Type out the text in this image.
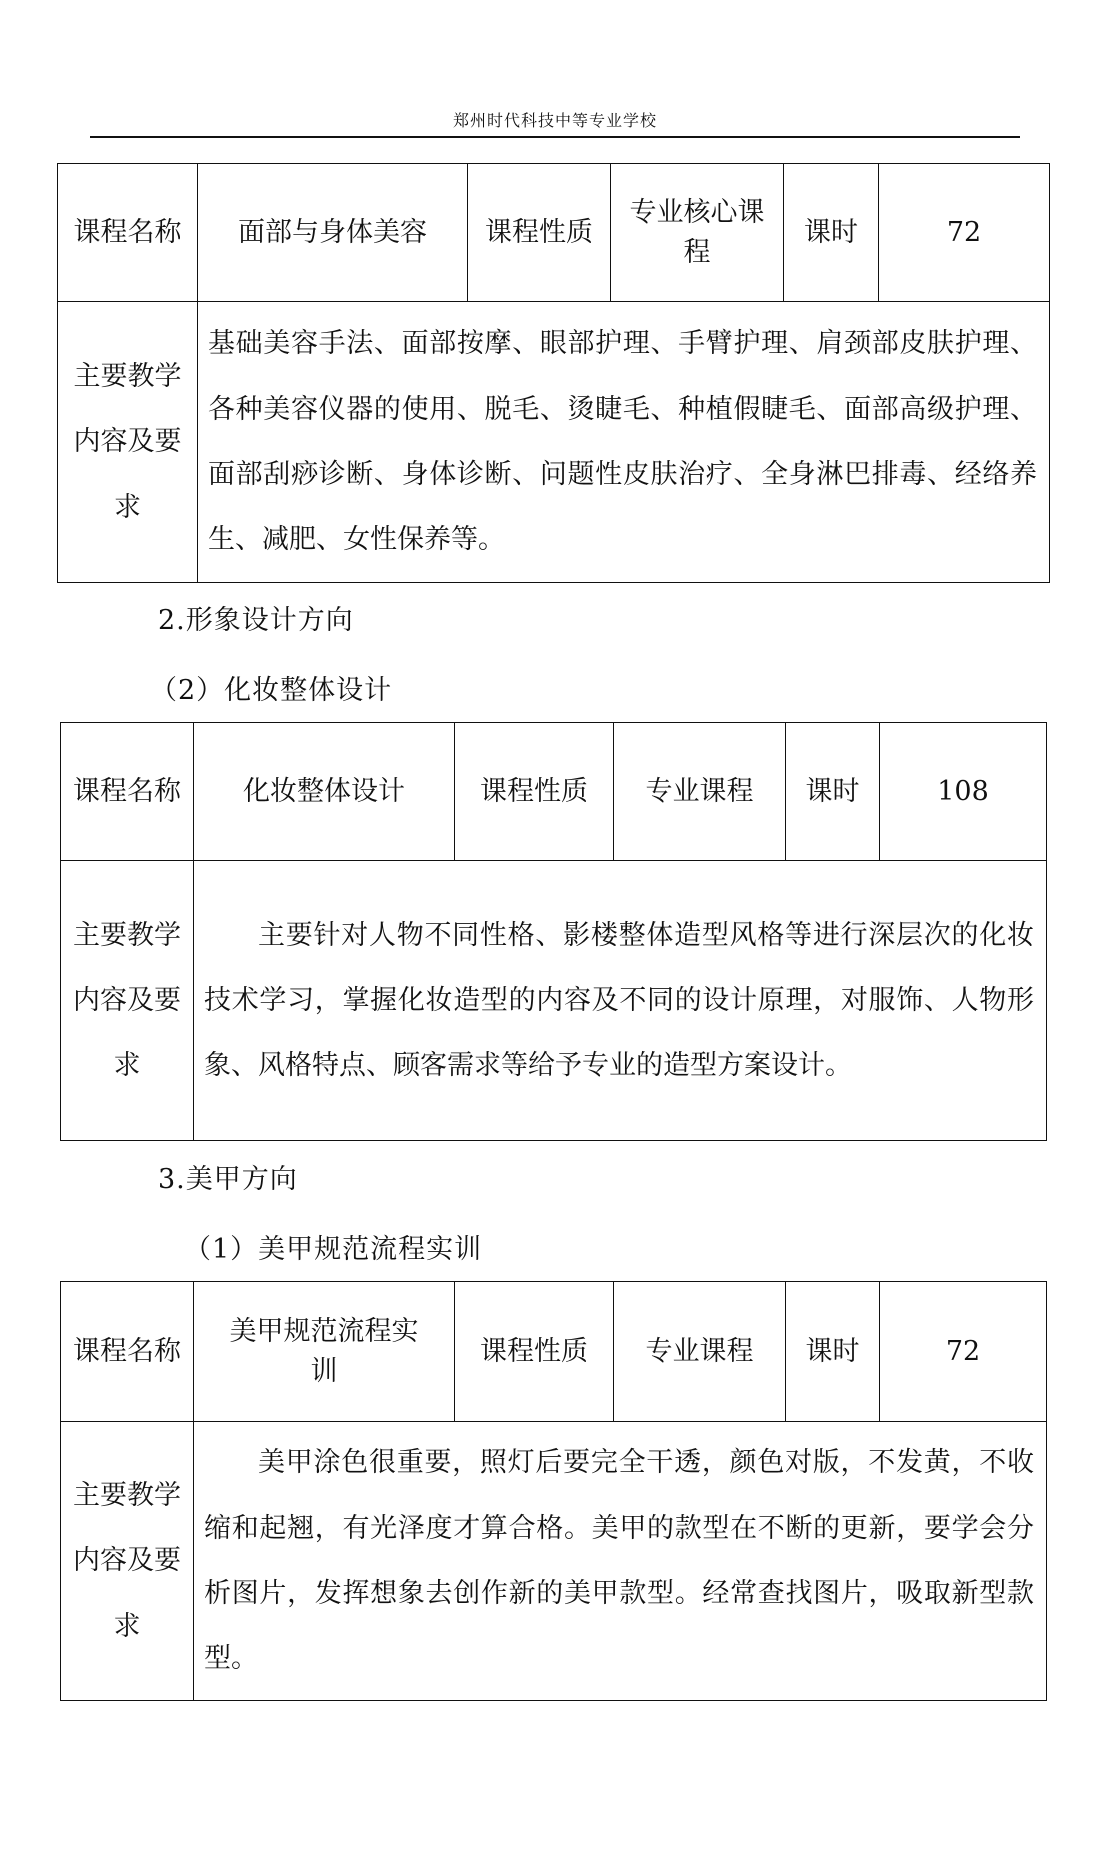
郑州时代科技中等专业学校
课程名称	面部与身体美容	课程性质	专业核心课程	课时	72

主要教学内容及要求	基础美容手法、面部按摩、眼部护理、手臂护理、肩颈部皮肤护理、各种美容仪器的使用、脱毛、烫睫毛、种植假睫毛、面部高级护理、面部刮痧诊断、身体诊断、问题性皮肤治疗、全身淋巴排毒、经络养生、减肥、女性保养等。				
2.形象设计方向
（2）化妆整体设计
课程名称	化妆整体设计	课程性质	专业课程	课时	108

主要教学内容及要求	主要针对人物不同性格、影楼整体造型风格等进行深层次的化妆技术学习，掌握化妆造型的内容及不同的设计原理，对服饰、人物形象、风格特点、顾客需求等给予专业的造型方案设计。				
3.美甲方向
（1）美甲规范流程实训
课程名称	美甲规范流程实训	课程性质	专业课程	课时	72

主要教学内容及要求	美甲涂色很重要，照灯后要完全干透，颜色对版，不发黄，不收缩和起翘，有光泽度才算合格。美甲的款型在不断的更新，要学会分析图片，发挥想象去创作新的美甲款型。经常查找图片，吸取新型款型。				
